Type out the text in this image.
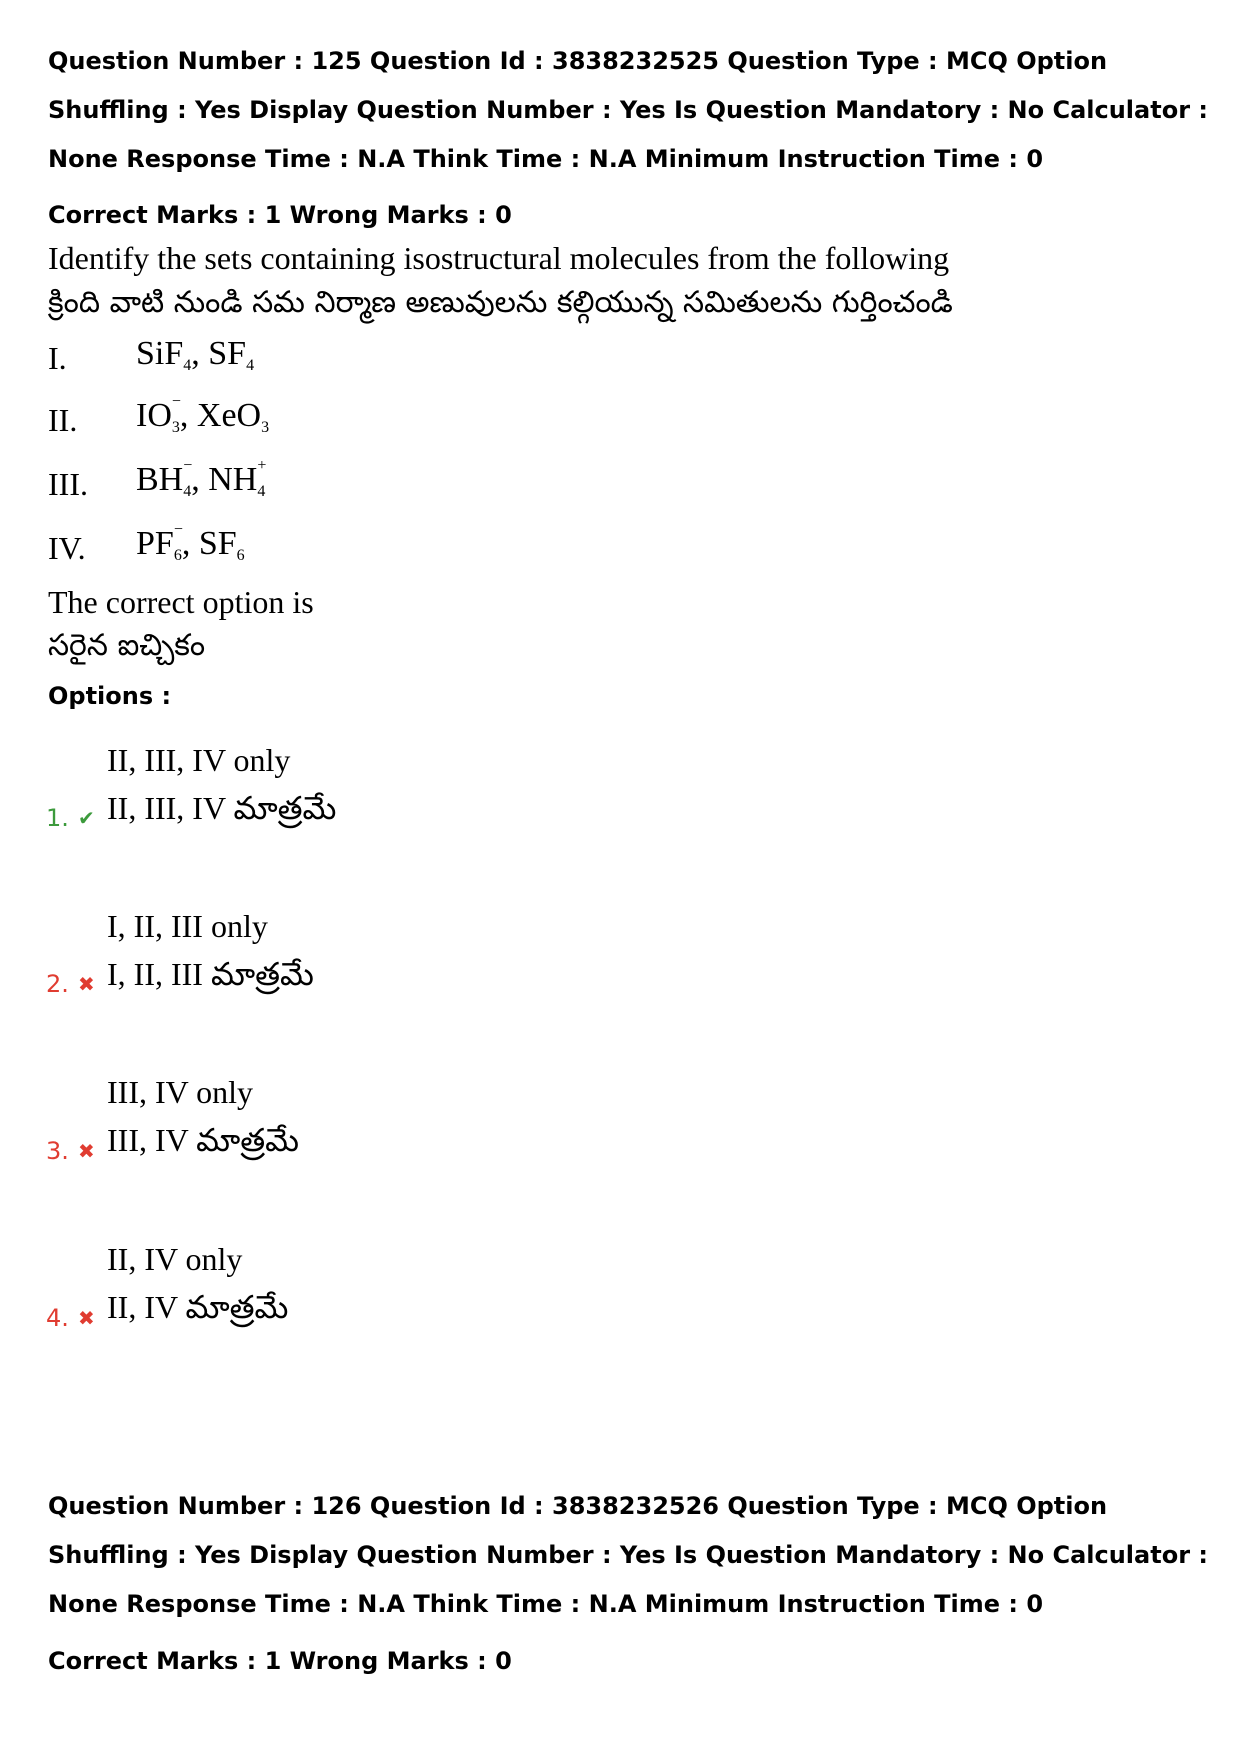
Question Number : 125 Question Id : 3838232525 Question Type : MCQ Option Shuffling : Yes Display Question Number : Yes Is Question Mandatory : No Calculator : None Response Time : N.A Think Time : N.A Minimum Instruction Time : 0

Correct Marks : 1 Wrong Marks : 0

Identify the sets containing isostructural molecules from the following
క్రింది వాటి నుండి సమ నిర్మాణ అణువులను కల్గియున్న సమితులను గుర్తించండి
I. SiF$_4$, $SF_4$
II. IO −
3, XeO$_3$
III. BH −
4, NH +
4
IV. PF −
6, $SF_6$
The correct option is
సరైన ఐచ్చికం
Options :
II, III, IV only
II, III, IV మాత్రమే
1. ✔
I, II, III only
I, II, III మాత్రమే
2. ✖
III, IV only
III, IV మాత్రమే
3. ✖
II, IV only
II, IV మాత్రమే
4. ✖

Question Number : 126 Question Id : 3838232526 Question Type : MCQ Option Shuffling : Yes Display Question Number : Yes Is Question Mandatory : No Calculator : None Response Time : N.A Think Time : N.A Minimum Instruction Time : 0

Correct Marks : 1 Wrong Marks : 0
